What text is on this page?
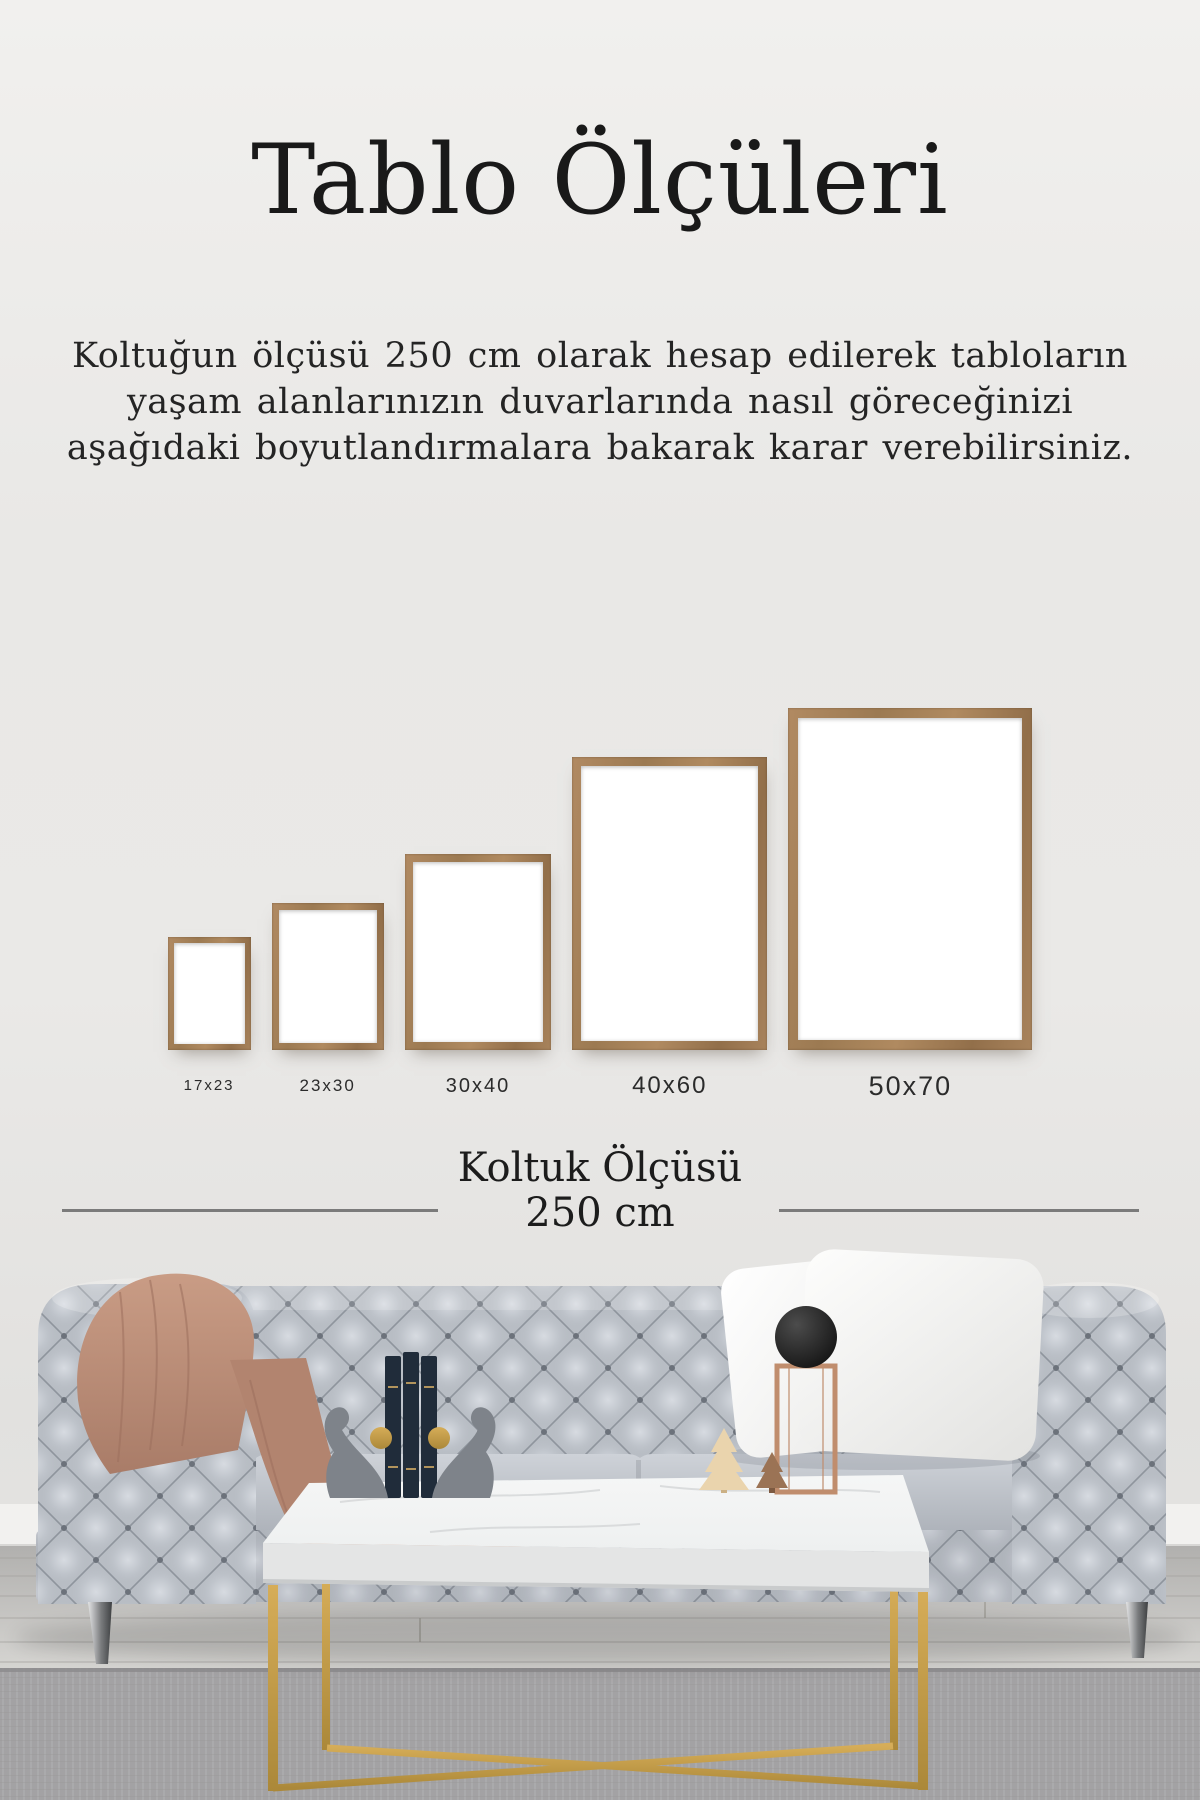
Tablo Ölçüleri
Koltuğun ölçüsü 250 cm olarak hesap edilerek tabloların
yaşam alanlarınızın duvarlarında nasıl göreceğinizi
aşağıdaki boyutlandırmalara bakarak karar verebilirsiniz.
17x23	23x30	30x40	40x60	50x70
Koltuk Ölçüsü
250 cm
